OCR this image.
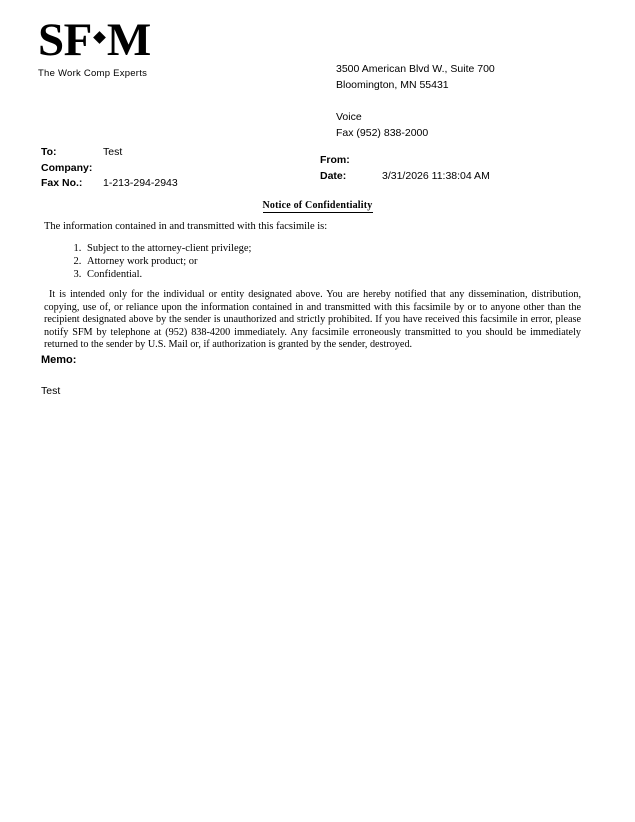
SF M
The Work Comp Experts	3500 American Blvd W., Suite 700
Bloomington, MN 55431
Voice
Fax (952) 838-2000
To:	Test
Company:
Fax No.:	1-213-294-2943
From:
Date:	3/31/2026 11:38:04 AM
Notice of Confidentiality
The information contained in and transmitted with this facsimile is:
1. Subject to the attorney-client privilege;
2. Attorney work product; or
3. Confidential.
It is intended only for the individual or entity designated above. You are hereby notified that any dissemination, distribution, copying, use of, or reliance upon the information contained in and transmitted with this facsimile by or to anyone other than the recipient designated above by the sender is unauthorized and strictly prohibited. If you have received this facsimile in error, please notify SFM by telephone at (952) 838-4200 immediately. Any facsimile erroneously transmitted to you should be immediately returned to the sender by U.S. Mail or, if authorization is granted by the sender, destroyed.
Memo:
Test
